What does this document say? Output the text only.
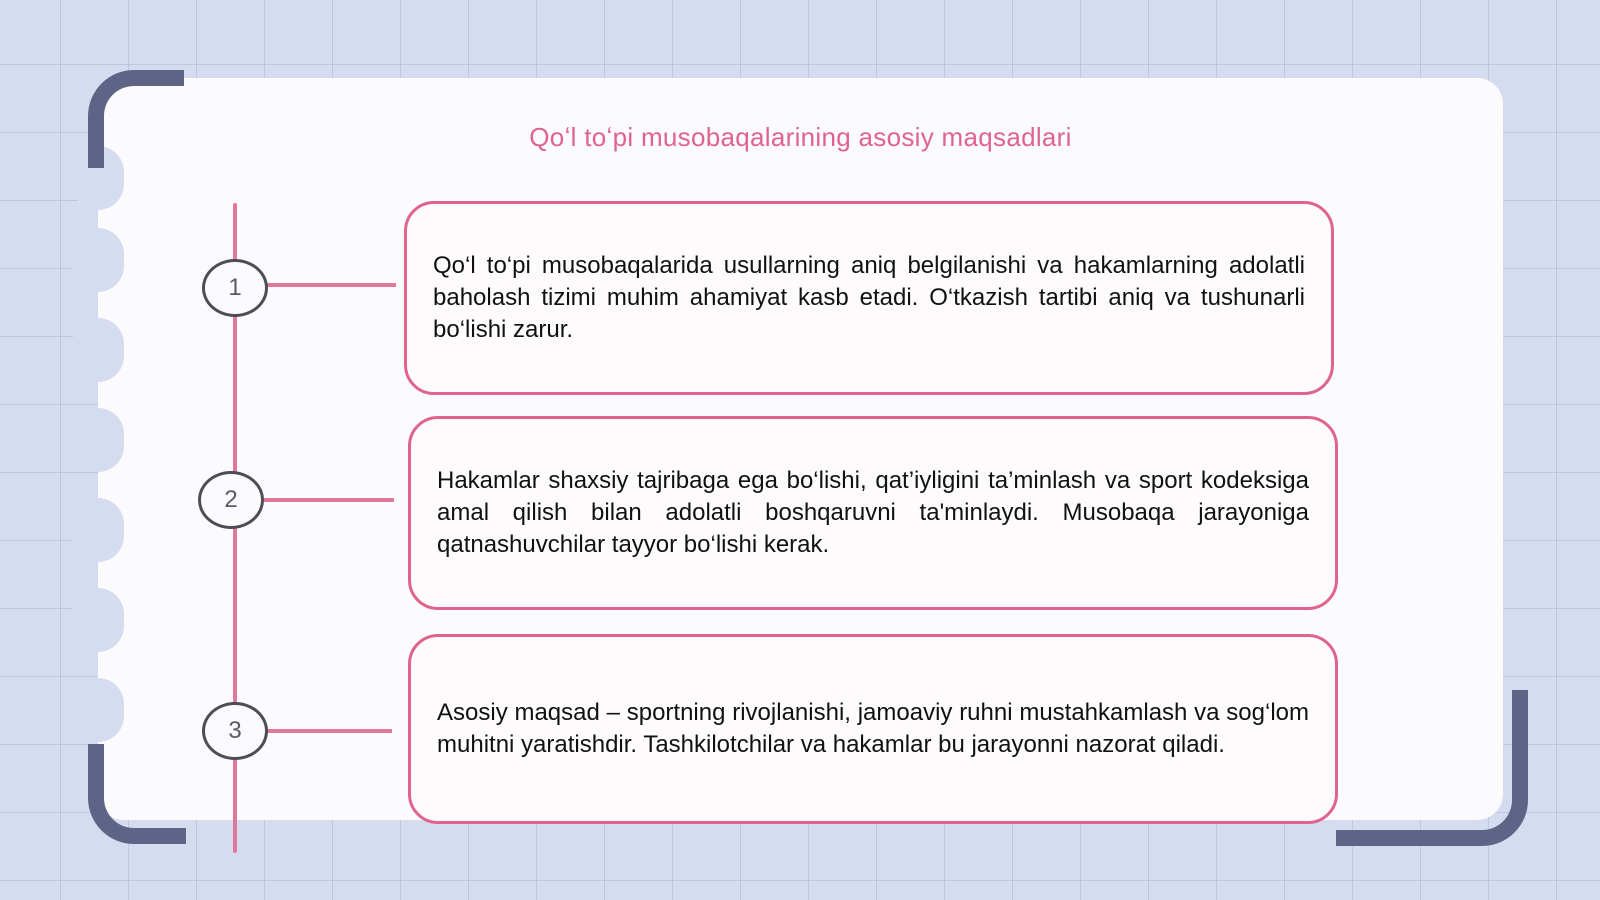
Qoʻl toʻpi musobaqalarining asosiy maqsadlari
1
2
3
Qo‘l to‘pi musobaqalarida usullarning aniq belgilanishi va hakamlarning adolatli baholash tizimi muhim ahamiyat kasb etadi. O‘tkazish tartibi aniq va tushunarli bo‘lishi zarur.
Hakamlar shaxsiy tajribaga ega bo‘lishi, qat’iyligini ta’minlash va sport kodeksiga amal qilish bilan adolatli boshqaruvni ta'minlaydi. Musobaqa jarayoniga qatnashuvchilar tayyor bo‘lishi kerak.
Asosiy maqsad – sportning rivojlanishi, jamoaviy ruhni mustahkamlash va sog‘lom muhitni yaratishdir. Tashkilotchilar va hakamlar bu jarayonni nazorat qiladi.
